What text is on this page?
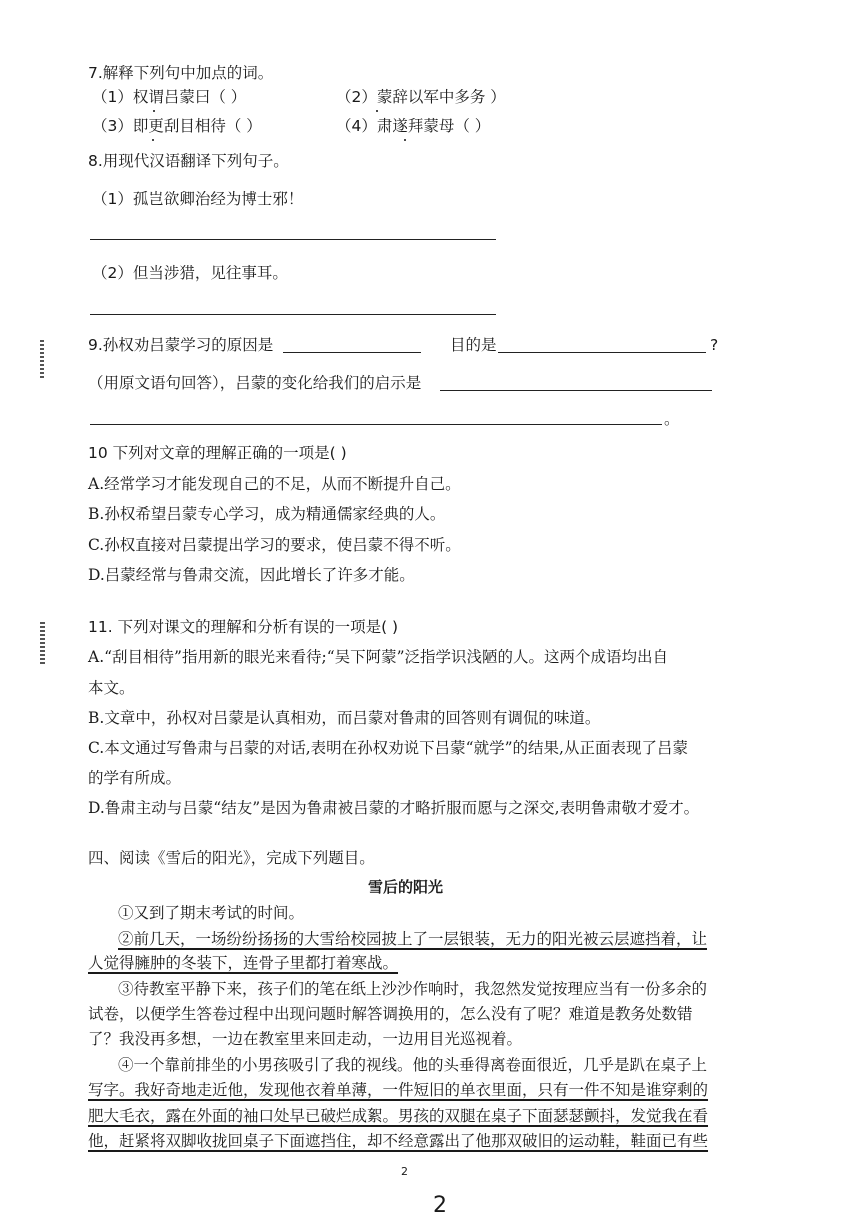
7.解释下列句中加点的词。
（1）权谓吕蒙曰（ ）	（2）蒙辞以军中多务 ）
（3）即更刮目相待（ ）	（4）肃遂拜蒙母（ ）
8.用现代汉语翻译下列句子。
（1）孤岂欲卿治经为博士邪！
（2）但当涉猎，见往事耳。
9.孙权劝吕蒙学习的原因是	目的是	?
（用原文语句回答），吕蒙的变化给我们的启示是
。
10 下列对文章的理解正确的一项是( )
A.经常学习才能发现自己的不足，从而不断提升自己。
B.孙权希望吕蒙专心学习，成为精通儒家经典的人。
C.孙权直接对吕蒙提出学习的要求，使吕蒙不得不听。
D.吕蒙经常与鲁肃交流，因此增长了许多才能。
11. 下列对课文的理解和分析有误的一项是( )
A.“刮目相待”指用新的眼光来看待;“吴下阿蒙”泛指学识浅陋的人。这两个成语均出自
本文。
B.文章中，孙权对吕蒙是认真相劝，而吕蒙对鲁肃的回答则有调侃的味道。
C.本文通过写鲁肃与吕蒙的对话,表明在孙权劝说下吕蒙“就学”的结果,从正面表现了吕蒙
的学有所成。
D.鲁肃主动与吕蒙“结友”是因为鲁肃被吕蒙的才略折服而愿与之深交,表明鲁肃敬才爱才。
四、阅读《雪后的阳光》，完成下列题目。
雪后的阳光
①又到了期末考试的时间。
②前几天，一场纷纷扬扬的大雪给校园披上了一层银装，无力的阳光被云层遮挡着，让
人觉得臃肿的冬装下，连骨子里都打着寒战。
③待教室平静下来，孩子们的笔在纸上沙沙作响时，我忽然发觉按理应当有一份多余的
试卷，以便学生答卷过程中出现问题时解答调换用的，怎么没有了呢？难道是教务处数错
了？我没再多想，一边在教室里来回走动，一边用目光巡视着。
④一个靠前排坐的小男孩吸引了我的视线。他的头垂得离卷面很近，几乎是趴在桌子上
写字。我好奇地走近他，发现他衣着单薄，一件短旧的单衣里面，只有一件不知是谁穿剩的
肥大毛衣，露在外面的袖口处早已破烂成絮。男孩的双腿在桌子下面瑟瑟颤抖，发觉我在看
他，赶紧将双脚收拢回桌子下面遮挡住，却不经意露出了他那双破旧的运动鞋，鞋面已有些
2
2
